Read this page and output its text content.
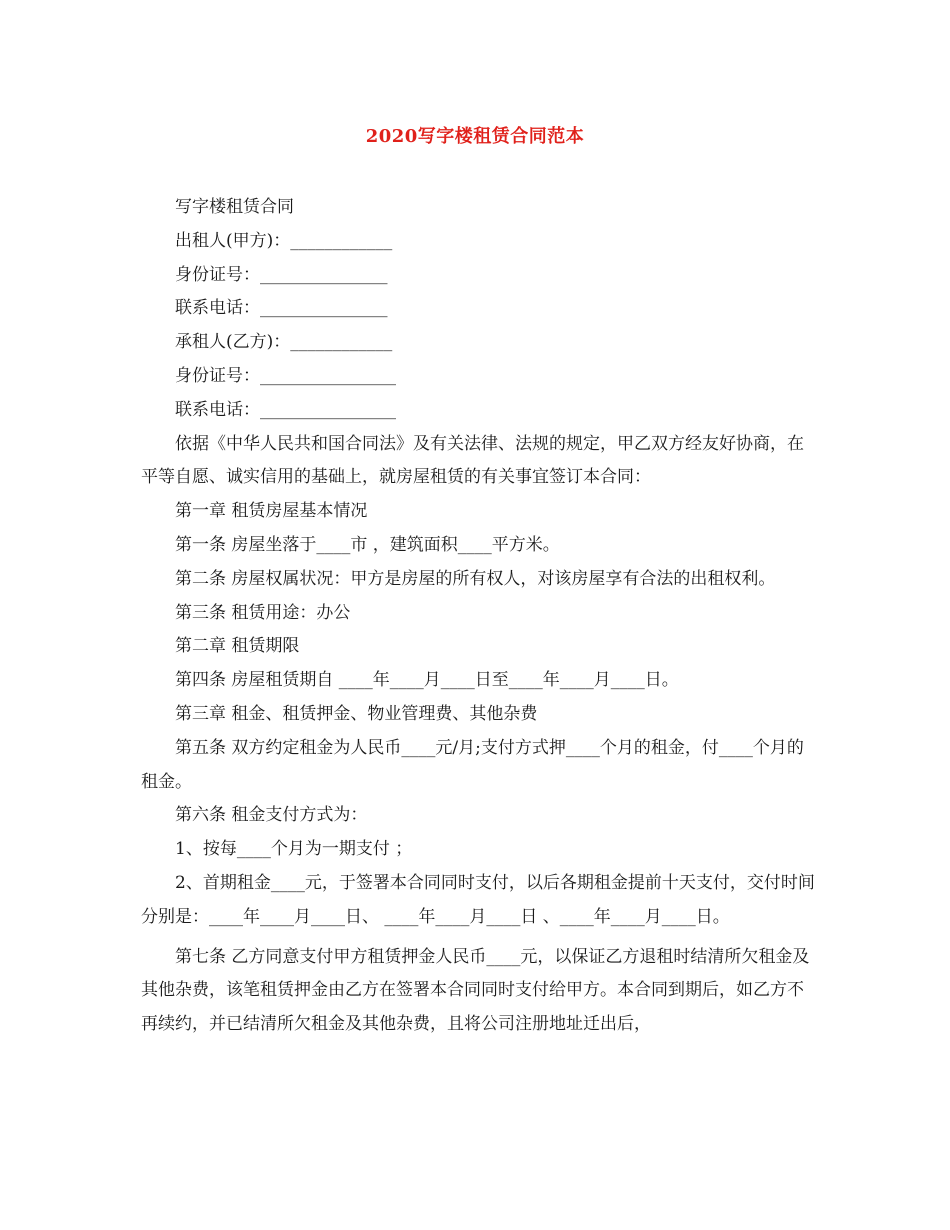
2020写字楼租赁合同范本

写字楼租赁合同

出租人(甲方)：____________

身份证号：_______________

联系电话：_______________

承租人(乙方)：____________

身份证号：________________

联系电话：________________

依据《中华人民共和国合同法》及有关法律、法规的规定，甲乙双方经友好协商，在平等自愿、诚实信用的基础上，就房屋租赁的有关事宜签订本合同：

第一章 租赁房屋基本情况

第一条 房屋坐落于____市 ，建筑面积____平方米。

第二条 房屋权属状况：甲方是房屋的所有权人，对该房屋享有合法的出租权利。

第三条 租赁用途：办公

第二章 租赁期限

第四条 房屋租赁期自 ____年____月____日至____年____月____日。

第三章 租金、租赁押金、物业管理费、其他杂费

第五条 双方约定租金为人民币____元/月;支付方式押____个月的租金，付____个月的租金。

第六条 租金支付方式为：

1、按每____个月为一期支付 ；

2、首期租金____元，于签署本合同同时支付，以后各期租金提前十天支付，交付时间分别是：____年____月____日、 ____年____月____日 、____年____月____日。

第七条 乙方同意支付甲方租赁押金人民币____元，以保证乙方退租时结清所欠租金及其他杂费，该笔租赁押金由乙方在签署本合同同时支付给甲方。本合同到期后，如乙方不再续约，并已结清所欠租金及其他杂费，且将公司注册地址迁出后，
